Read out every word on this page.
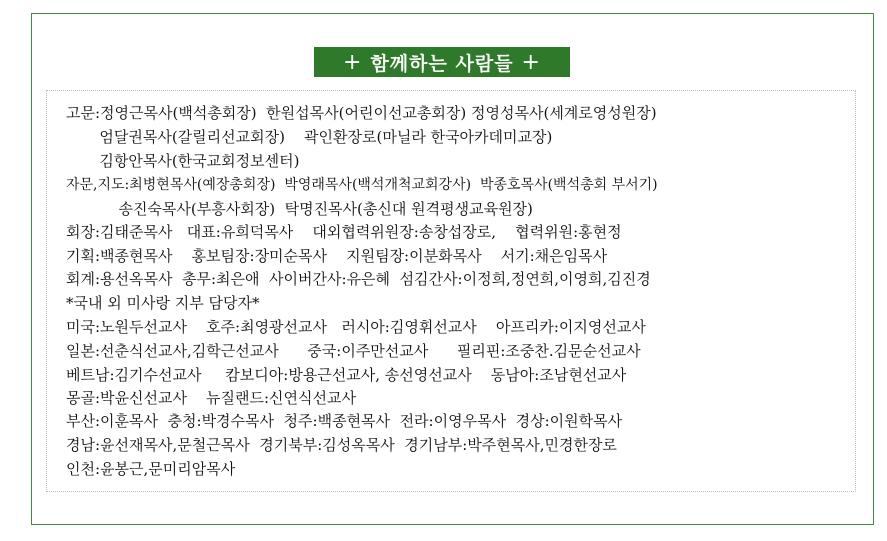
+ 함께하는 사람들 +
고문:정영근목사(백석총회장)  한원섭목사(어린이선교총회장) 정영성목사(세계로영성원장)
엄달권목사(갈릴리선교회장)    곽인환장로(마닐라 한국아카데미교장)
김항안목사(한국교회정보센터)
자문,지도:최병현목사(예장총회장)  박영래목사(백석개척교회강사)  박종호목사(백석총회 부서기)
송진숙목사(부흥사회장)  탁명진목사(총신대 원격평생교육원장)
회장:김태준목사   대표:유희덕목사    대외협력위원장:송창섭장로,    협력위원:홍현정
기획:백종현목사    홍보팀장:장미순목사    지원팀장:이분화목사    서기:채은임목사
회계:용선옥목사  총무:최은애  사이버간사:유은혜  섬김간사:이정희,정연희,이영희,김진경
*국내 외 미사랑 지부 담당자*
미국:노원두선교사    호주:최영광선교사   러시아:김영휘선교사    아프리카:이지영선교사
일본:선춘식선교사,김학근선교사      중국:이주만선교사      필리핀:조중찬.김문순선교사
베트남:김기수선교사     캄보디아:방용근선교사, 송선영선교사    동남아:조남현선교사
몽골:박윤신선교사    뉴질랜드:신연식선교사
부산:이훈목사  충청:박경수목사  청주:백종현목사  전라:이영우목사  경상:이원학목사
경남:윤선재목사,문철근목사  경기북부:김성옥목사  경기남부:박주현목사,민경한장로
인천:윤봉근,문미리암목사
